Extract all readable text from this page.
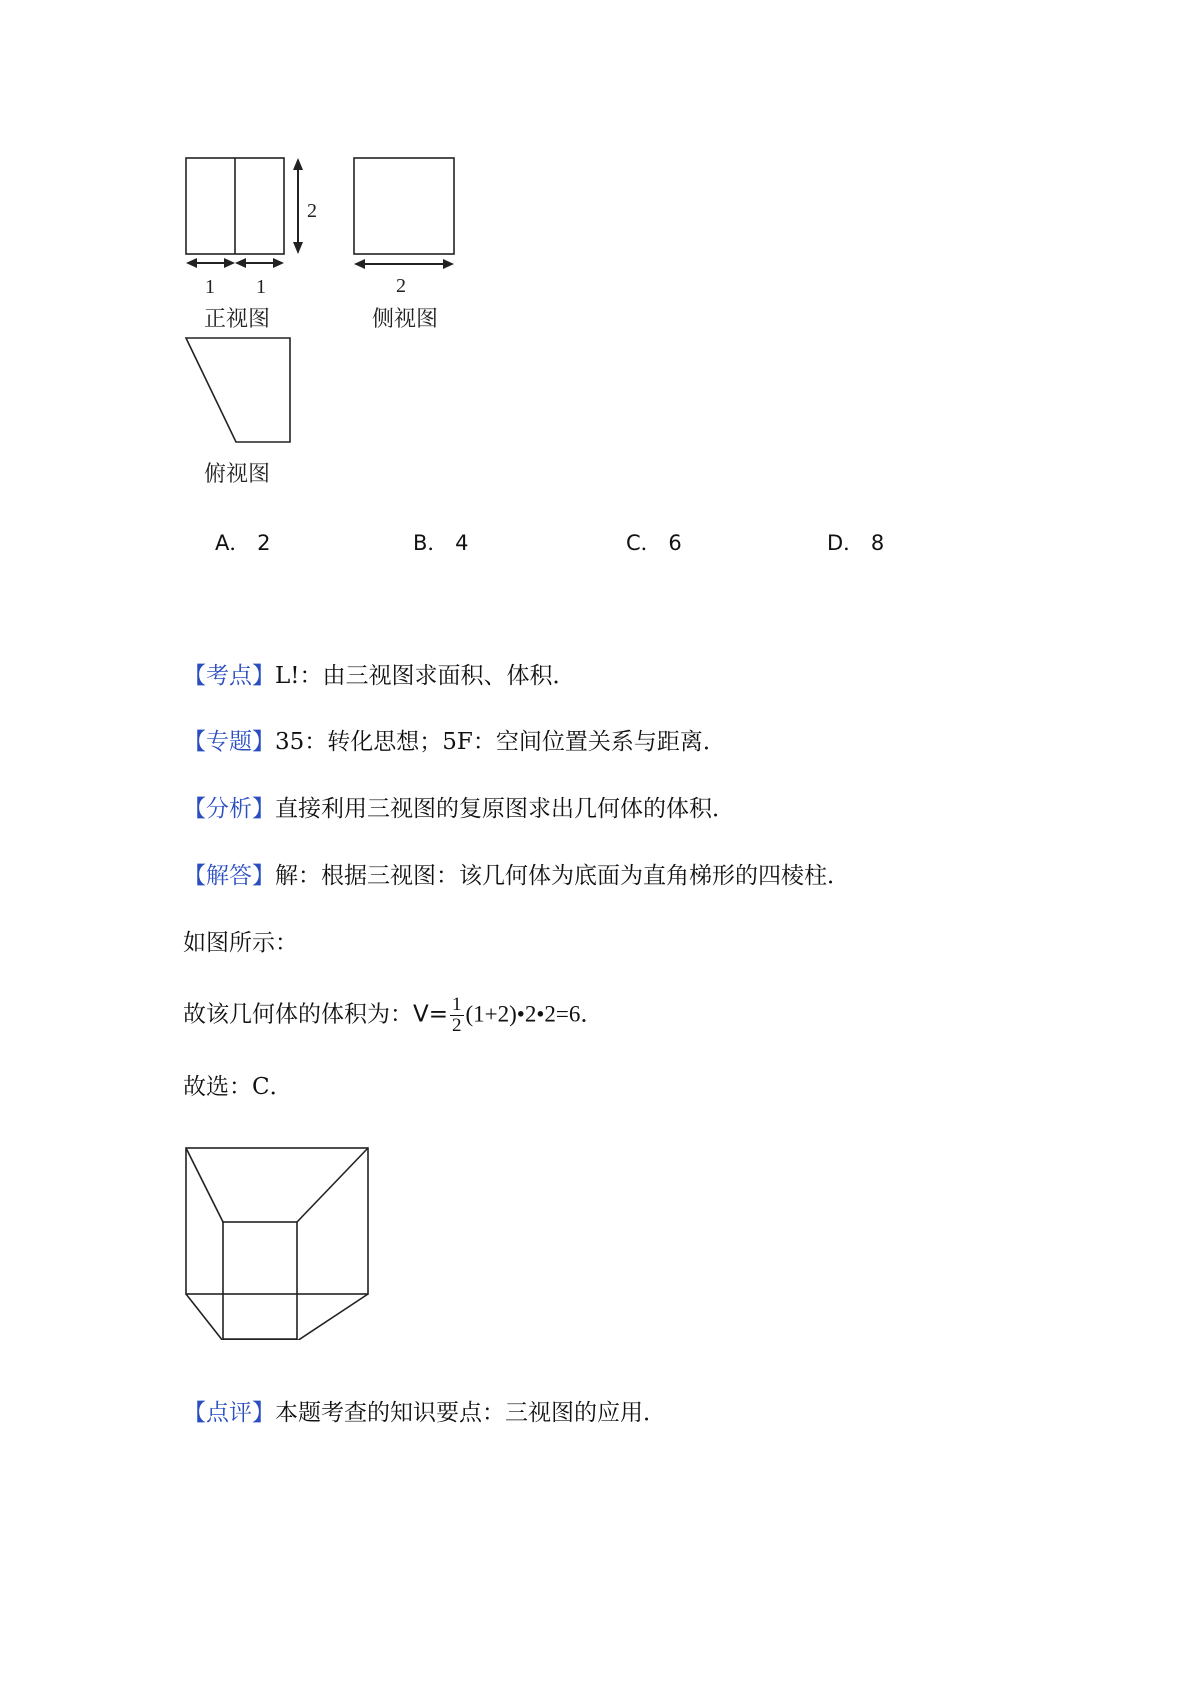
1 1
2
正视图
2
侧视图
俯视图
A． 2	B． 4	C． 6	D． 8
【考点】L!：由三视图求面积、体积．
【专题】35：转化思想；5F：空间位置关系与距离．
【分析】直接利用三视图的复原图求出几何体的体积．
【解答】解：根据三视图：该几何体为底面为直角梯形的四棱柱．
如图所示：
故该几何体的体积为：$V= \frac{1}{2}$ (1+2)•2•2=6．
故选：C．
【点评】本题考查的知识要点：三视图的应用．
